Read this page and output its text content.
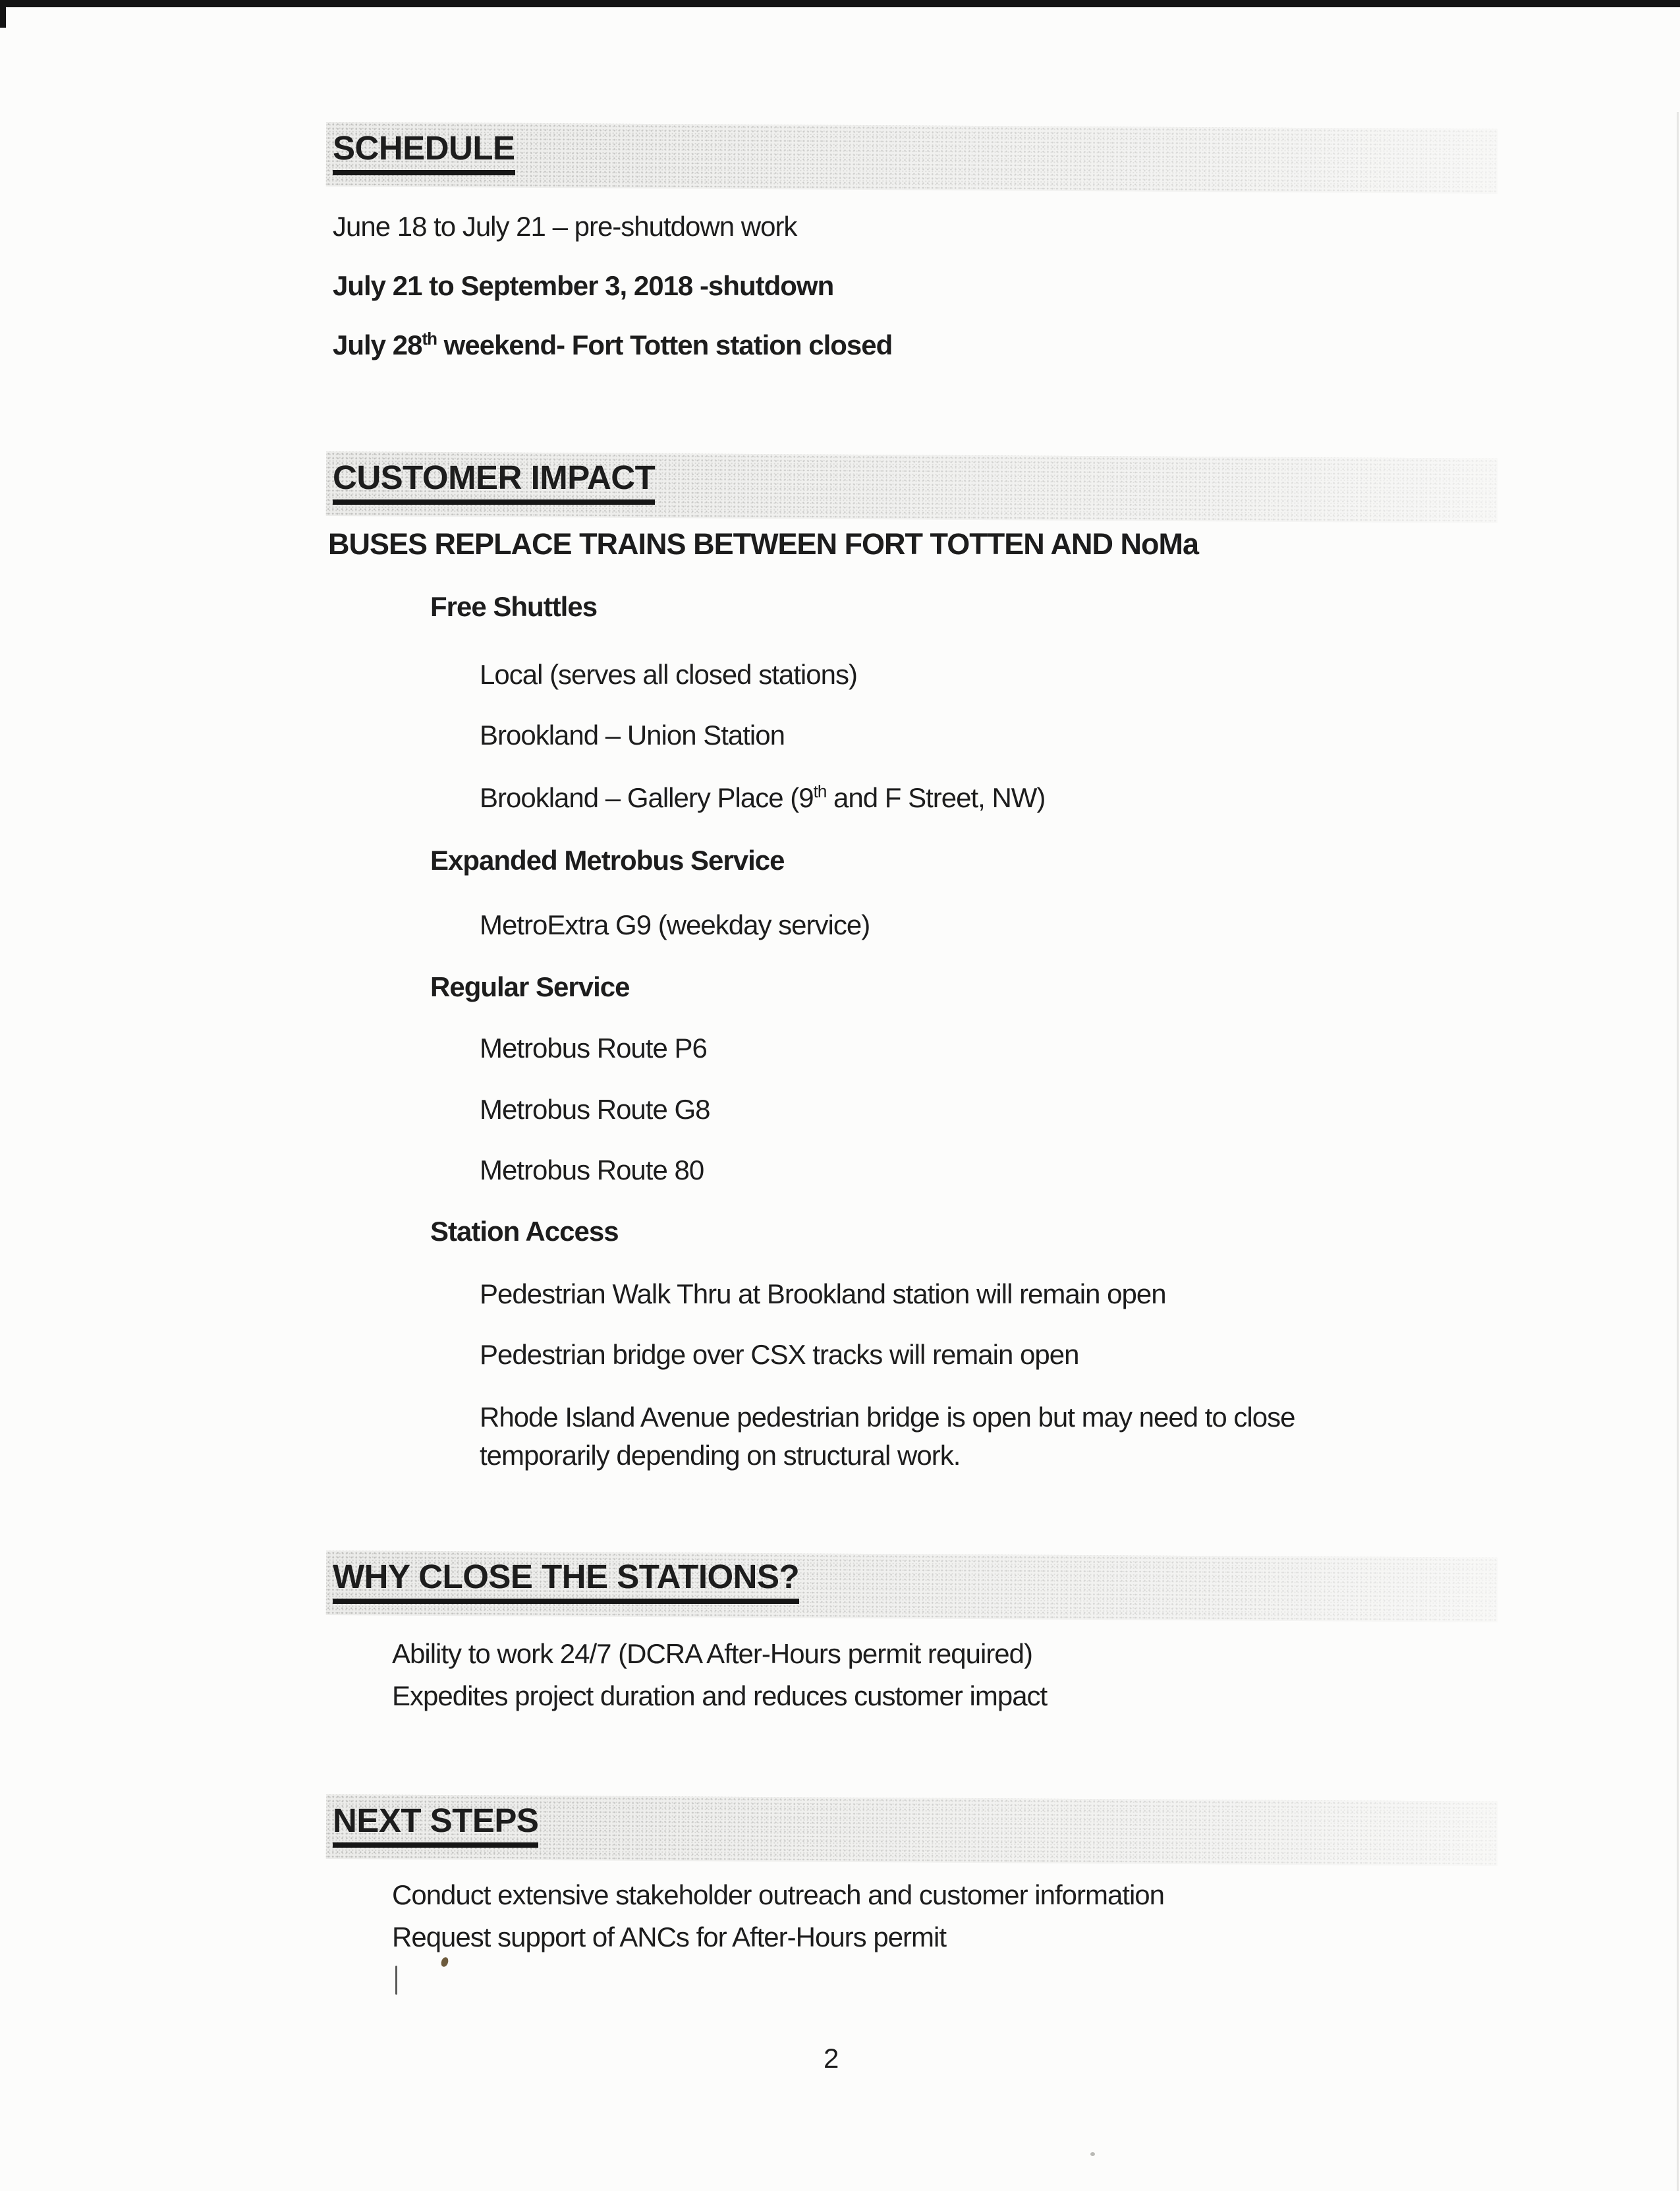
SCHEDULE
June 18 to July 21 – pre-shutdown work
July 21 to September 3, 2018 -shutdown
July 28th weekend- Fort Totten station closed
CUSTOMER IMPACT
BUSES REPLACE TRAINS BETWEEN FORT TOTTEN AND NoMa
Free Shuttles
Local (serves all closed stations)
Brookland – Union Station
Brookland – Gallery Place (9th and F Street, NW)
Expanded Metrobus Service
MetroExtra G9 (weekday service)
Regular Service
Metrobus Route P6
Metrobus Route G8
Metrobus Route 80
Station Access
Pedestrian Walk Thru at Brookland station will remain open
Pedestrian bridge over CSX tracks will remain open
Rhode Island Avenue pedestrian bridge is open but may need to close temporarily depending on structural work.
WHY CLOSE THE STATIONS?
Ability to work 24/7 (DCRA After-Hours permit required)
Expedites project duration and reduces customer impact
NEXT STEPS
Conduct extensive stakeholder outreach and customer information
Request support of ANCs for After-Hours permit
2
